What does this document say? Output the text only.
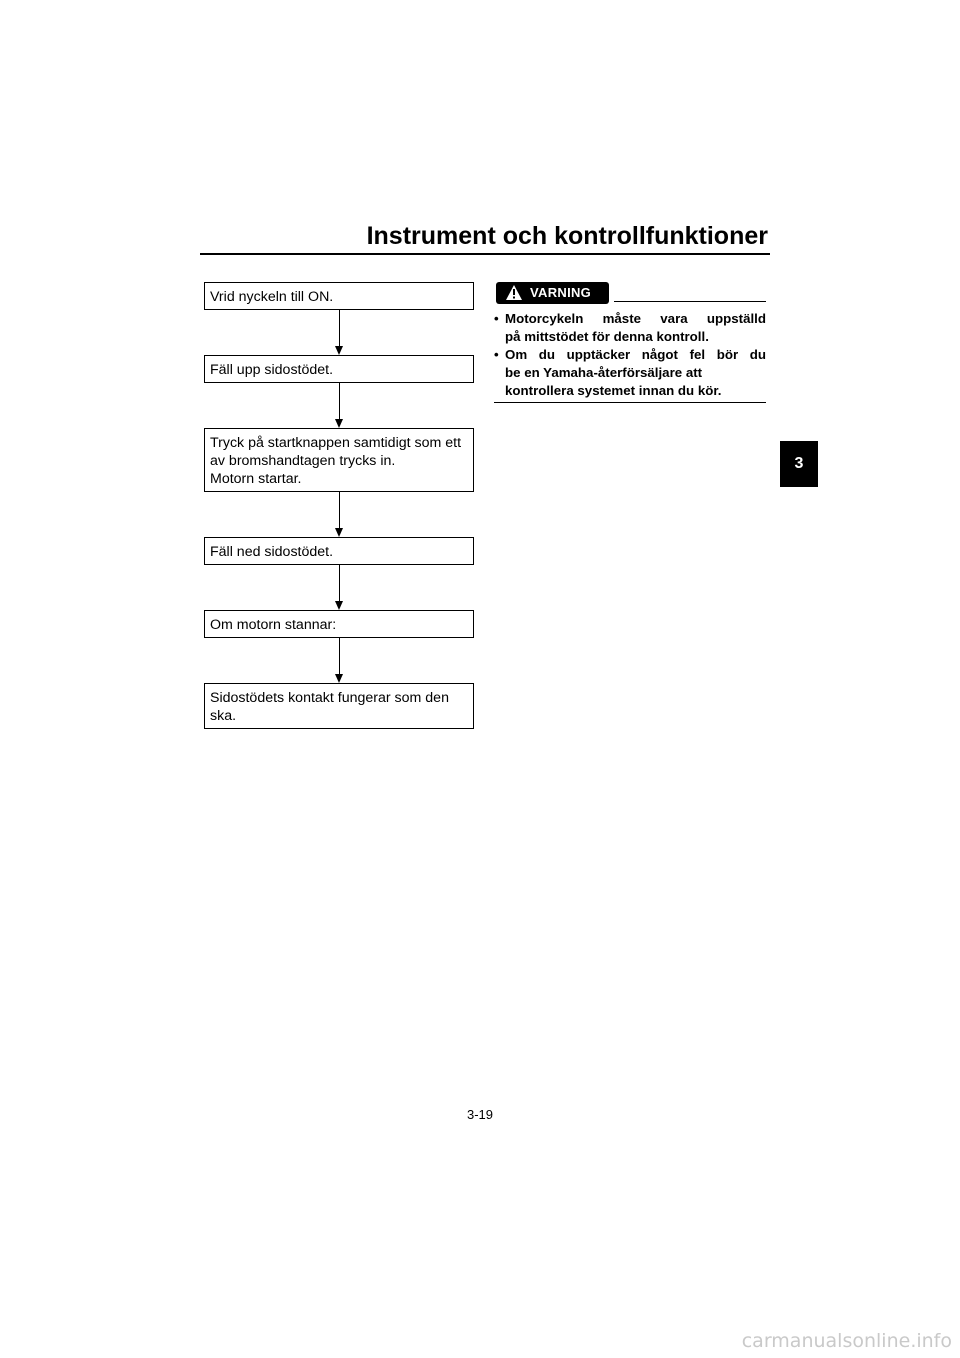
Instrument och kontrollfunktioner
3
Vrid nyckeln till ON.
Fäll upp sidostödet.
Tryck på startknappen samtidigt som ett
av bromshandtagen trycks in.
Motorn startar.
Fäll ned sidostödet.
Om motorn stannar:
Sidostödets kontakt fungerar som den
ska.
VARNING
• Motorcykeln måste vara uppställd
på mittstödet för denna kontroll.
• Om du upptäcker något fel bör du
be en Yamaha-återförsäljare att
kontrollera systemet innan du kör.
3-19
carmanualsonline.info
